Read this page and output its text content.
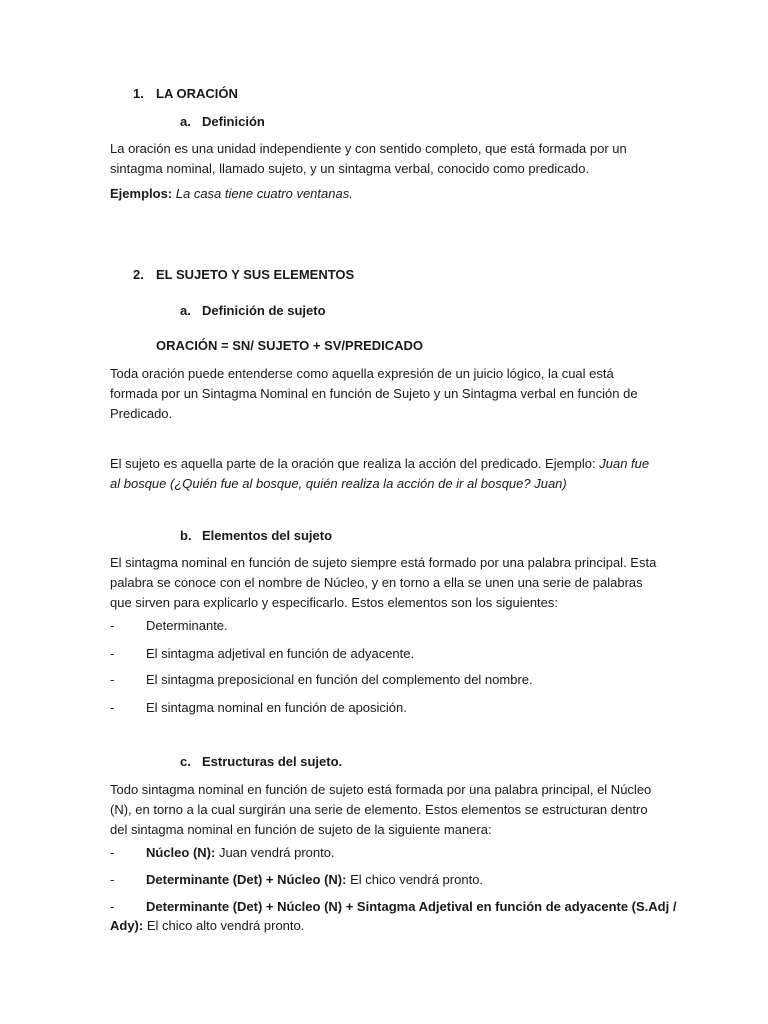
1. LA ORACIÓN
a. Definición
La oración es una unidad independiente y con sentido completo, que está formada por un sintagma nominal, llamado sujeto, y un sintagma verbal, conocido como predicado.
Ejemplos: La casa tiene cuatro ventanas.
2. EL SUJETO Y SUS ELEMENTOS
a. Definición de sujeto
ORACIÓN = SN/ SUJETO + SV/PREDICADO
Toda oración puede entenderse como aquella expresión de un juicio lógico, la cual está formada por un Sintagma Nominal en función de Sujeto y un Sintagma verbal en función de Predicado.
El sujeto es aquella parte de la oración que realiza la acción del predicado. Ejemplo: Juan fue al bosque (¿Quién fue al bosque, quién realiza la acción de ir al bosque? Juan)
b. Elementos del sujeto
El sintagma nominal en función de sujeto siempre está formado por una palabra principal. Esta palabra se conoce con el nombre de Núcleo, y en torno a ella se unen una serie de palabras que sirven para explicarlo y especificarlo. Estos elementos son los siguientes:
- Determinante.
- El sintagma adjetival en función de adyacente.
- El sintagma preposicional en función del complemento del nombre.
- El sintagma nominal en función de aposición.
c. Estructuras del sujeto.
Todo sintagma nominal en función de sujeto está formada por una palabra principal, el Núcleo (N), en torno a la cual surgirán una serie de elemento. Estos elementos se estructuran dentro del sintagma nominal en función de sujeto de la siguiente manera:
- Núcleo (N): Juan vendrá pronto.
- Determinante (Det) + Núcleo (N): El chico vendrá pronto.
- Determinante (Det) + Núcleo (N) + Sintagma Adjetival en función de adyacente (S.Adj /
Ady): El chico alto vendrá pronto.
